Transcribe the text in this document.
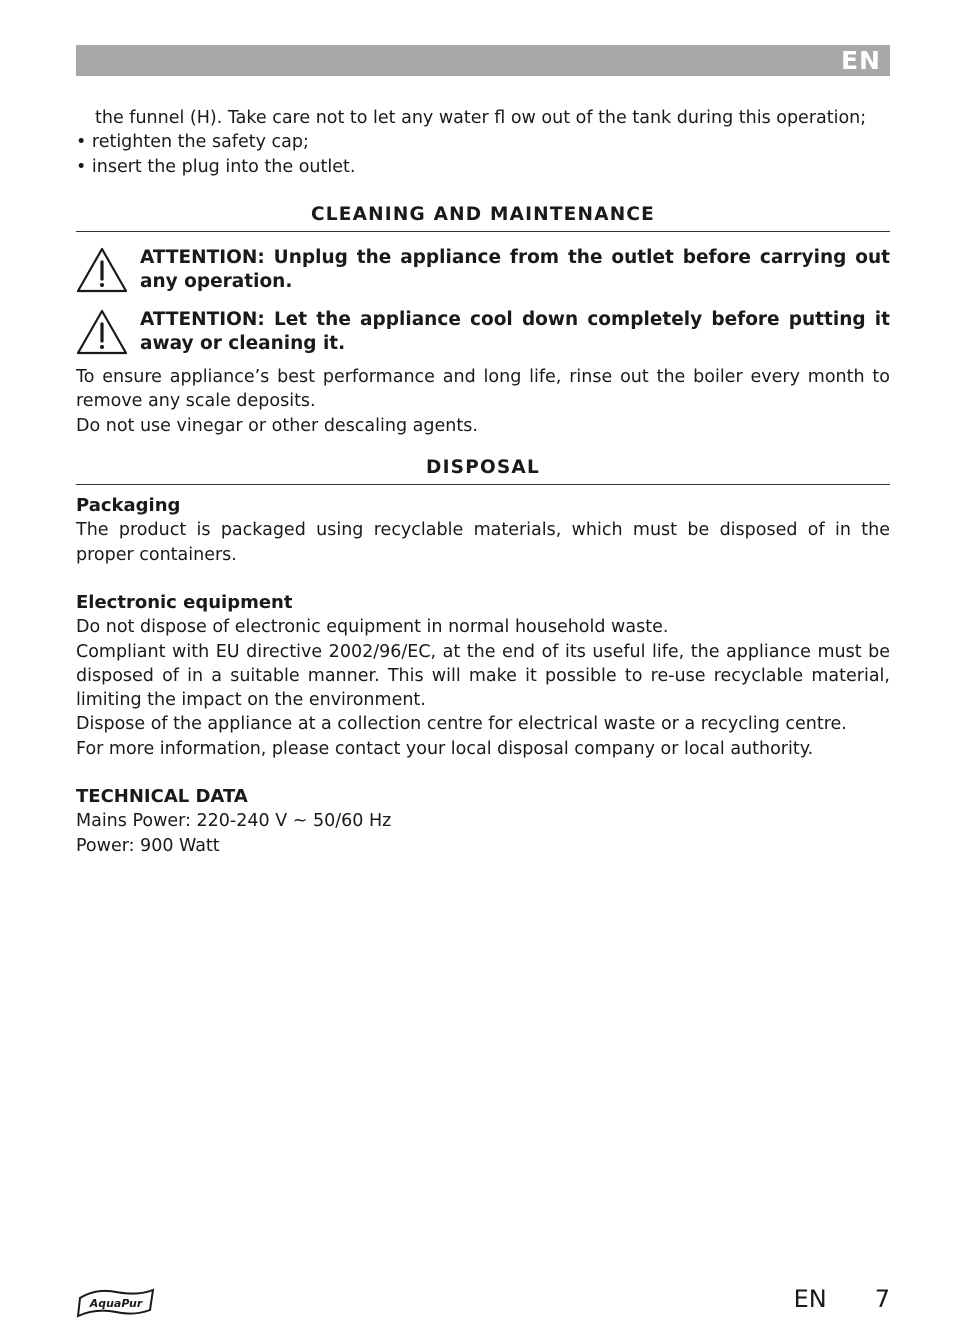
EN
the funnel (H). Take care not to let any water fl ow out of the tank during this operation;
• retighten the safety cap;
• insert the plug into the outlet.
CLEANING AND MAINTENANCE
ATTENTION: Unplug the appliance from the outlet before carrying out any operation.
ATTENTION: Let the appliance cool down completely before putting it away or cleaning it.
To ensure appliance’s best performance and long life, rinse out the boiler every month to remove any scale deposits.
Do not use vinegar or other descaling agents.
DISPOSAL
Packaging
The product is packaged using recyclable materials, which must be disposed of in the proper containers.
Electronic equipment
Do not dispose of electronic equipment in normal household waste.
Compliant with EU directive 2002/96/EC, at the end of its useful life, the appliance must be disposed of in a suitable manner. This will make it possible to re-use recyclable material, limiting the impact on the environment.
Dispose of the appliance at a collection centre for electrical waste or a recycling centre.
For more information, please contact your local disposal company or local authority.
TECHNICAL DATA
Mains Power: 220-240 V ~ 50/60 Hz
Power: 900 Watt
AquaPur	EN 7
